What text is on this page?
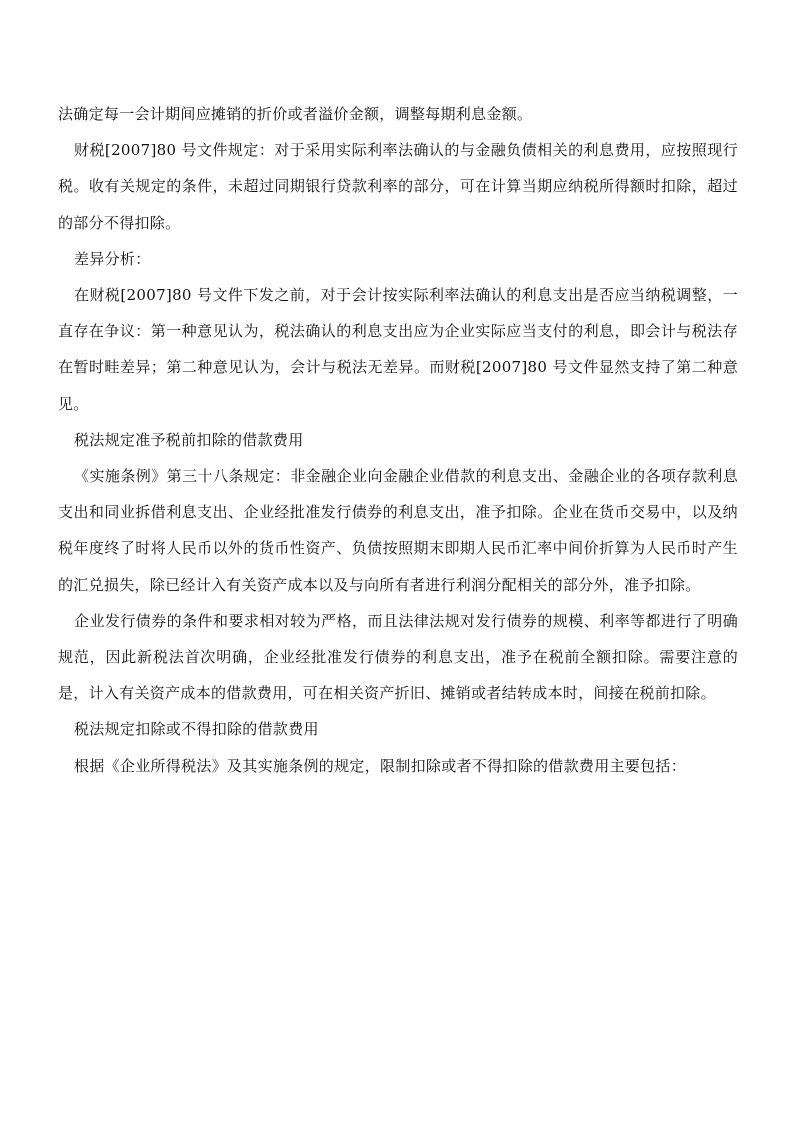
法确定每一会计期间应摊销的折价或者溢价金额，调整每期利息金额。

财税[2007]80 号文件规定：对于采用实际利率法确认的与金融负债相关的利息费用，应按照现行税。收有关规定的条件，未超过同期银行贷款利率的部分，可在计算当期应纳税所得额时扣除，超过的部分不得扣除。

差异分析：

在财税[2007]80 号文件下发之前，对于会计按实际利率法确认的利息支出是否应当纳税调整，一直存在争议：第一种意见认为，税法确认的利息支出应为企业实际应当支付的利息，即会计与税法存在暂时畦差异；第二种意见认为，会计与税法无差异。而财税[2007]80 号文件显然支持了第二种意见。

税法规定准予税前扣除的借款费用

《实施条例》第三十八条规定：非金融企业向金融企业借款的利息支出、金融企业的各项存款利息支出和同业拆借利息支出、企业经批准发行债券的利息支出，准予扣除。企业在货币交易中，以及纳税年度终了时将人民币以外的货币性资产、负债按照期末即期人民币汇率中间价折算为人民币时产生的汇兑损失，除已经计入有关资产成本以及与向所有者进行利润分配相关的部分外，准予扣除。

企业发行债券的条件和要求相对较为严格，而且法律法规对发行债券的规模、利率等都进行了明确规范，因此新税法首次明确，企业经批准发行债券的利息支出，准予在税前全额扣除。需要注意的是，计入有关资产成本的借款费用，可在相关资产折旧、摊销或者结转成本时，间接在税前扣除。

税法规定扣除或不得扣除的借款费用

根据《企业所得税法》及其实施条例的规定，限制扣除或者不得扣除的借款费用主要包括：
